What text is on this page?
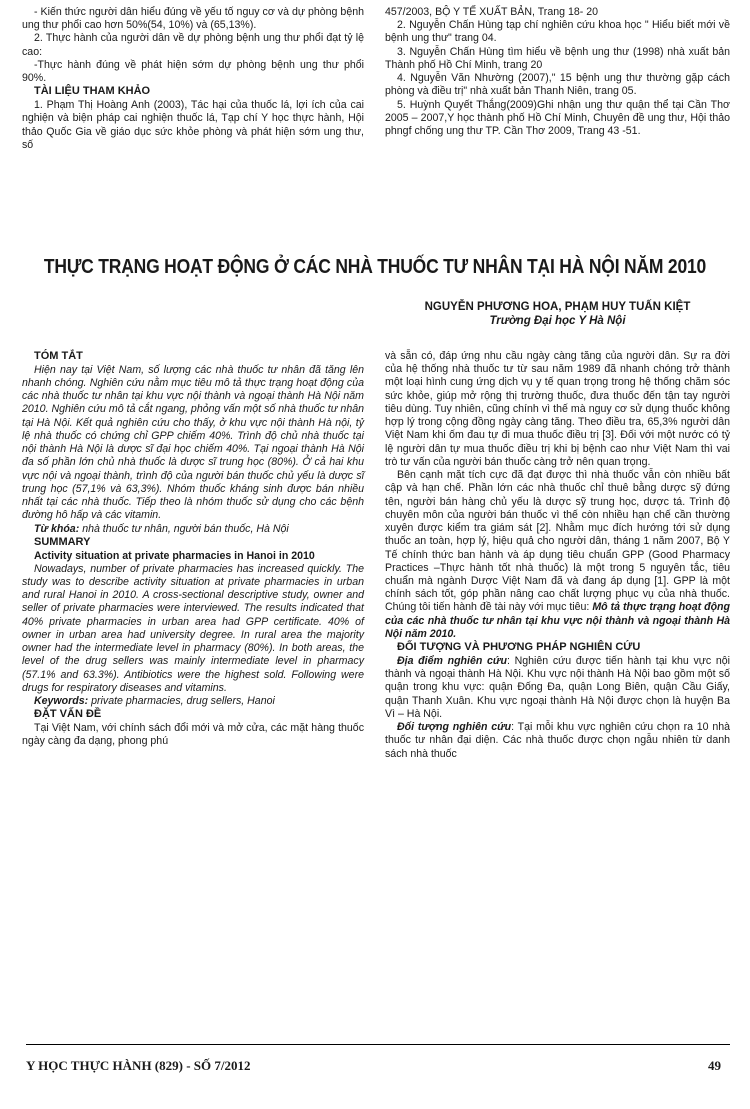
- Kiến thức người dân hiểu đúng về yếu tố nguy cơ và dự phòng bệnh ung thư phổi cao hơn 50%(54, 10%) và (65,13%).

2. Thực hành của người dân về dự phòng bệnh ung thư phổi đạt tỷ lệ cao:

-Thực hành đúng về phát hiện sớm dự phòng bệnh ung thư phổi 90%.

TÀI LIỆU THAM KHẢO

1. Phạm Thị Hoàng Anh (2003), Tác hại của thuốc lá, lợi ích của cai nghiện và biện pháp cai nghiện thuốc lá, Tạp chí Y học thực hành, Hội thảo Quốc Gia về giáo dục sức khỏe phòng và phát hiện sớm ung thư, số

457/2003, BỘ Y TẾ XUẤT BẢN, Trang 18- 20

2. Nguyễn Chấn Hùng tạp chí nghiên cứu khoa học " Hiểu biết mới về bệnh ung thư" trang 04.

3. Nguyễn Chấn Hùng tìm hiểu về bệnh ung thư (1998) nhà xuất bản Thành phố Hồ Chí Minh, trang 20

4. Nguyễn Văn Nhường (2007)," 15 bệnh ung thư thường gặp cách phòng và điều trị" nhà xuất bản Thanh Niên, trang 05.

5. Huỳnh Quyết Thắng(2009)Ghi nhận ung thư quận thể tại Cần Thơ 2005 – 2007,Y học thành phố Hồ Chí Minh, Chuyên đề ung thư, Hội thảo phngf chống ung thư TP. Cần Thơ 2009, Trang 43 -51.

THỰC TRẠNG HOẠT ĐỘNG Ở CÁC NHÀ THUỐC TƯ NHÂN TẠI HÀ NỘI NĂM 2010
NGUYỄN PHƯƠNG HOA, PHẠM HUY TUẤN KIỆT
Trường Đại học Y Hà Nội

TÓM TẮT

Hiện nay tại Việt Nam, số lượng các nhà thuốc tư nhân đã tăng lên nhanh chóng. Nghiên cứu nằm mục tiêu mô tả thực trạng hoạt động của các nhà thuốc tư nhân tại khu vực nội thành và ngoại thành Hà Nội năm 2010. Nghiên cứu mô tả cắt ngang, phỏng vấn một số nhà thuốc tư nhân tại Hà Nội. Kết quả nghiên cứu cho thấy, ở khu vực nội thành Hà nội, tỷ lệ nhà thuốc có chứng chỉ GPP chiếm 40%. Trình độ chủ nhà thuốc tại nội thành Hà Nội là dược sĩ đại học chiếm 40%. Tại ngoại thành Hà Nội đa số phần lớn chủ nhà thuốc là dược sĩ trung học (80%). Ở cả hai khu vực nội và ngoại thành, trình độ của người bán thuốc chủ yếu là dược sĩ trung học (57,1% và 63,3%). Nhóm thuốc kháng sinh được bán nhiều nhất tại các nhà thuốc. Tiếp theo là nhóm thuốc sử dụng cho các bệnh đường hô hấp và các vitamin.

Từ khóa: nhà thuốc tư nhân, người bán thuốc, Hà Nội

SUMMARY

Activity situation at private pharmacies in Hanoi in 2010

Nowadays, number of private pharmacies has increased quickly. The study was to describe activity situation at private pharmacies in urban and rural Hanoi in 2010. A cross-sectional descriptive study, owner and seller of private pharmacies were interviewed. The results indicated that 40% private pharmacies in urban area had GPP certificate. 40% of owner in urban area had university degree. In rural area the majority owner had the intermediate level in pharmacy (80%). In both areas, the level of the drug sellers was mainly intermediate level in pharmacy (57.1% and 63.3%). Antibiotics were the highest sold. Following were drugs for respiratory diseases and vitamins.

Keywords: private pharmacies, drug sellers, Hanoi

ĐẶT VẤN ĐỀ

Tại Việt Nam, với chính sách đổi mới và mở cửa, các mặt hàng thuốc ngày càng đa dạng, phong phú

và sẵn có, đáp ứng nhu cầu ngày càng tăng của người dân. Sự ra đời của hệ thống nhà thuốc tư từ sau năm 1989 đã nhanh chóng trở thành một loại hình cung ứng dịch vụ y tế quan trọng trong hệ thống chăm sóc sức khỏe, giúp mở rộng thị trường thuốc, đưa thuốc đến tận tay người tiêu dùng. Tuy nhiên, cũng chính vì thế mà nguy cơ sử dụng thuốc không hợp lý trong cộng đồng ngày càng tăng. Theo điều tra, 65,3% người dân Việt Nam khi ốm đau tự đi mua thuốc điều trị [3]. Đối với một nước có tỷ lệ người dân tự mua thuốc điều trị khi bị bệnh cao như Việt Nam thì vai trò tư vấn của người bán thuốc càng trở nên quan trọng.

Bên cạnh mặt tích cực đã đạt được thì nhà thuốc vẫn còn nhiều bất cập và hạn chế. Phần lớn các nhà thuốc chỉ thuê bằng dược sỹ đứng tên, người bán hàng chủ yếu là dược sỹ trung học, dược tá. Trình độ chuyên môn của người bán thuốc vì thế còn nhiều hạn chế cần thường xuyên được kiểm tra giám sát [2]. Nhằm mục đích hướng tới sử dụng thuốc an toàn, hợp lý, hiệu quả cho người dân, tháng 1 năm 2007, Bộ Y Tế chính thức ban hành và áp dụng tiêu chuẩn GPP (Good Pharmacy Practices –Thực hành tốt nhà thuốc) là một trong 5 nguyên tắc, tiêu chuẩn mà ngành Dược Việt Nam đã và đang áp dụng [1]. GPP là một chính sách tốt, góp phần nâng cao chất lượng phục vụ của nhà thuốc. Chúng tôi tiến hành đề tài này với mục tiêu: Mô tả thực trạng hoạt động của các nhà thuốc tư nhân tại khu vực nội thành và ngoại thành Hà Nội năm 2010.

ĐỐI TƯỢNG VÀ PHƯƠNG PHÁP NGHIÊN CỨU

Địa điểm nghiên cứu: Nghiên cứu được tiến hành tại khu vực nội thành và ngoại thành Hà Nội. Khu vực nội thành Hà Nội bao gồm một số quận trong khu vực: quận Đống Đa, quận Long Biên, quận Cầu Giấy, quận Thanh Xuân. Khu vực ngoại thành Hà Nội được chọn là huyện Ba Vì – Hà Nội.

Đối tượng nghiên cứu: Tại mỗi khu vực nghiên cứu chọn ra 10 nhà thuốc tư nhân đại diện. Các nhà thuốc được chọn ngẫu nhiên từ danh sách nhà thuốc

Y HỌC THỰC HÀNH (829) - SỐ 7/2012	49
